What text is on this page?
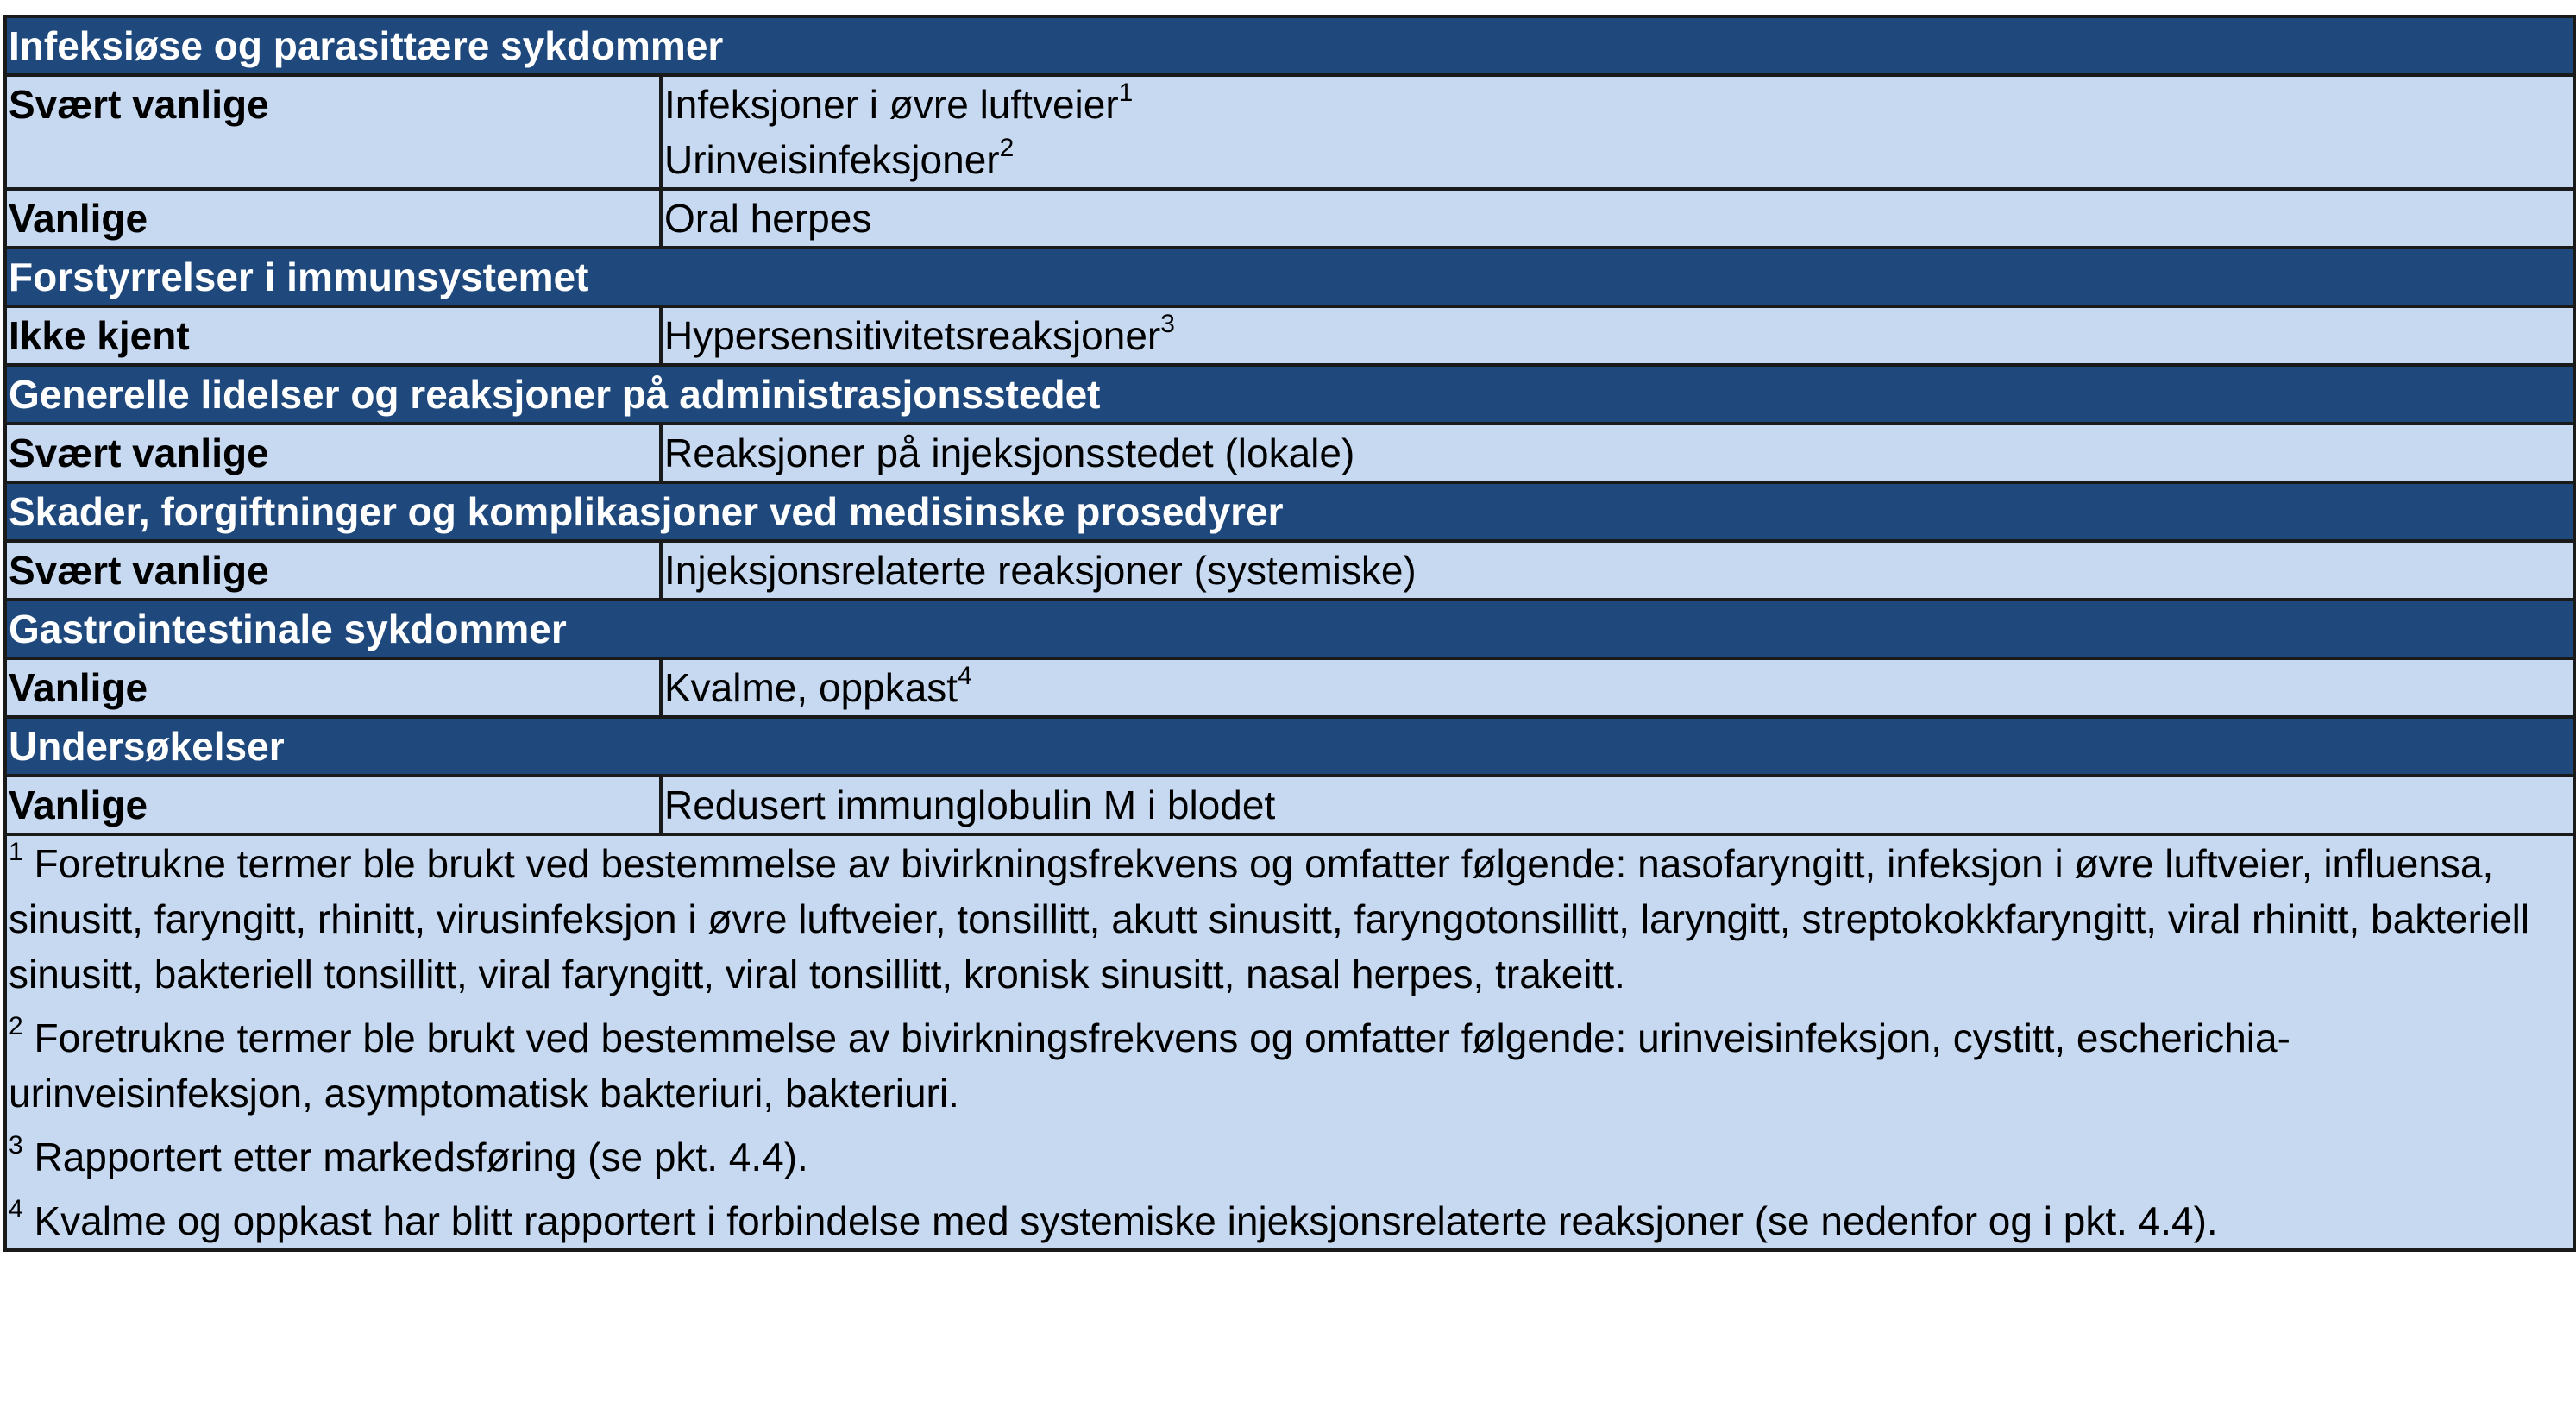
Infeksiøse og parasittære sykdommer	
Svært vanlige	Infeksjoner i øvre luftveier$^1$
Urinveisinfeksjoner$^2$

Vanlige	Oral herpes

Forstyrrelser i immunsystemet	
Ikke kjent	Hypersensitivitetsreaksjoner$^3$

Generelle lidelser og reaksjoner på administrasjonsstedet	
Svært vanlige	Reaksjoner på injeksjonsstedet (lokale)

Skader, forgiftninger og komplikasjoner ved medisinske prosedyrer	
Svært vanlige	Injeksjonsrelaterte reaksjoner (systemiske)

Gastrointestinale sykdommer	
Vanlige	Kvalme, oppkast$^4$

Undersøkelser	
Vanlige	Redusert immunglobulin M i blodet

$^1$ Foretrukne termer ble brukt ved bestemmelse av bivirkningsfrekvens og omfatter følgende: nasofaryngitt, infeksjon i øvre luftveier, influensa, sinusitt, faryngitt, rhinitt, virusinfeksjon i øvre luftveier, tonsillitt, akutt sinusitt, faryngotonsillitt, laryngitt, streptokokkfaryngitt, viral rhinitt, bakteriell sinusitt, bakteriell tonsillitt, viral faryngitt, viral tonsillitt, kronisk sinusitt, nasal herpes, trakeitt.
$^2$ Foretrukne termer ble brukt ved bestemmelse av bivirkningsfrekvens og omfatter følgende: urinveisinfeksjon, cystitt, escherichia-urinveisinfeksjon, asymptomatisk bakteriuri, bakteriuri.
$^3$ Rapportert etter markedsføring (se pkt. 4.4).
$^4$ Kvalme og oppkast har blitt rapportert i forbindelse med systemiske injeksjonsrelaterte reaksjoner (se nedenfor og i pkt. 4.4).	
